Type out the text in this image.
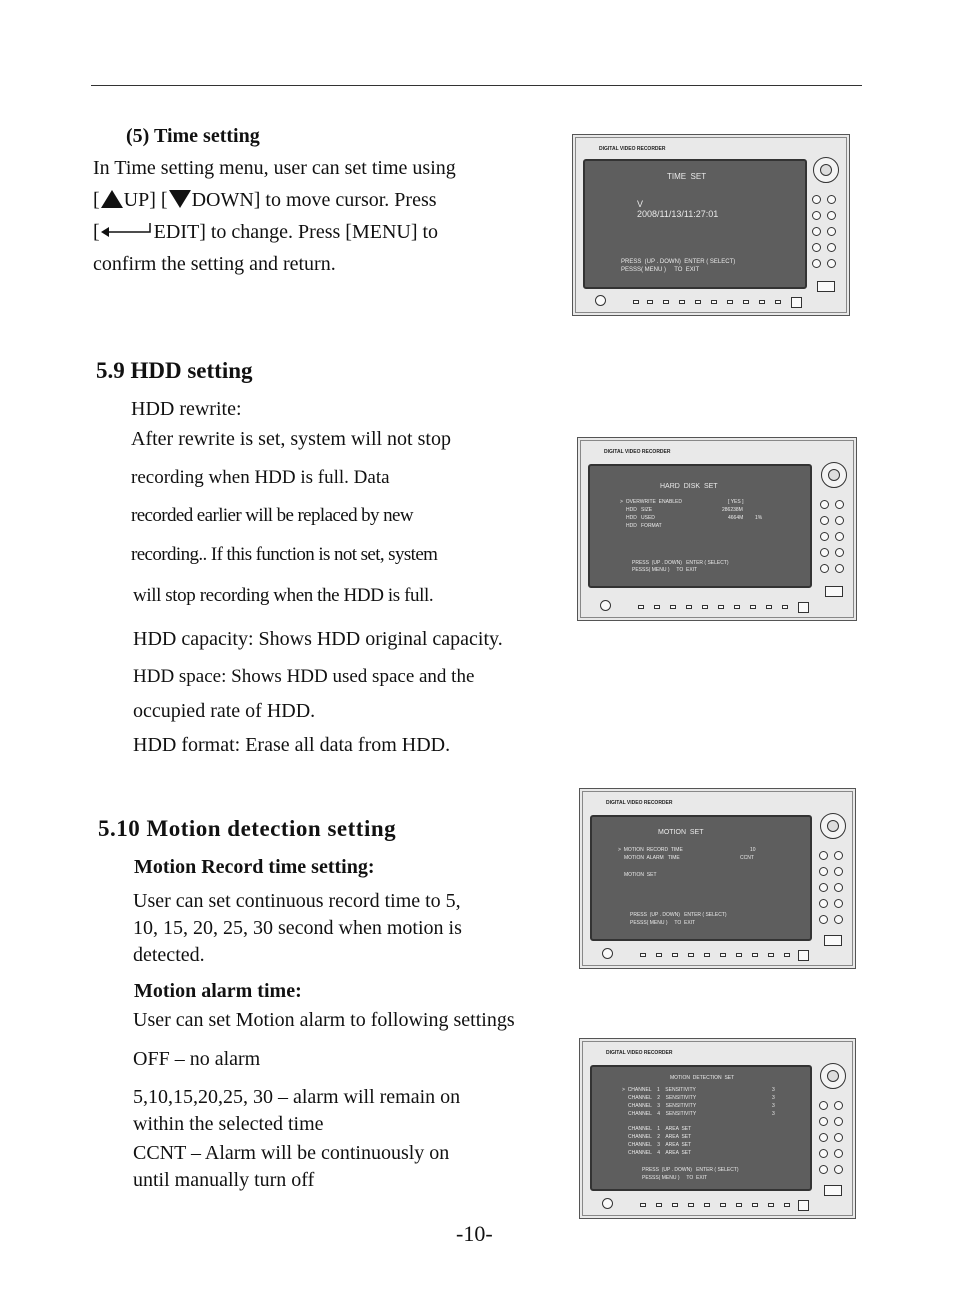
(5) Time setting
In Time setting menu, user can set time using
[ UP] [ DOWN] to move cursor. Press
[	EDIT] to change. Press [MENU] to
confirm the setting and return.
DIGITAL VIDEO RECORDER
TIME  SET
V
2008/11/13/11:27:01
PRESS  (UP . DOWN)  ENTER ( SELECT)
PESSS( MENU )     TO  EXIT
5.9 HDD setting
HDD rewrite:
After rewrite is set, system will not stop
recording when HDD is full. Data
recorded earlier will be replaced by new
recording.. If this function is not set, system
will stop recording when the HDD is full.
HDD capacity: Shows HDD original capacity.
HDD space: Shows HDD used space and the
occupied rate of HDD.
HDD format: Erase all data from HDD.
DIGITAL VIDEO RECORDER
HARD  DISK  SET
>  OVERWRITE  ENABLED	[ YES ]
HDD   SIZE	286238M
HDD   USED	4664M 1%
HDD   FORMAT
PRESS  (UP . DOWN)   ENTER ( SELECT)
PESSS( MENU )     TO  EXIT
5.10 Motion detection setting
Motion Record time setting:
User can set continuous record time to 5,
10, 15, 20, 25, 30 second when motion is
detected.
Motion alarm time:
User can set Motion alarm to following settings
OFF – no alarm
5,10,15,20,25, 30 – alarm will remain on
within the selected time
CCNT – Alarm will be continuously on
until manually turn off
DIGITAL VIDEO RECORDER
MOTION  SET
>  MOTION  RECORD  TIME	10
MOTION  ALARM   TIME	CCNT
MOTION  SET
PRESS  (UP . DOWN)   ENTER ( SELECT)
PESSS( MENU )     TO  EXIT
DIGITAL VIDEO RECORDER
MOTION  DETECTION  SET
>  CHANNEL    1    SENSITIVITY	3
CHANNEL    2    SENSITIVITY	3
CHANNEL    3    SENSITIVITY	3
CHANNEL    4    SENSITIVITY	3
CHANNEL    1    AREA  SET
CHANNEL    2    AREA  SET
CHANNEL    3    AREA  SET
CHANNEL    4    AREA  SET
PRESS  (UP . DOWN)   ENTER ( SELECT)
PESSS( MENU )     TO  EXIT
-10-
